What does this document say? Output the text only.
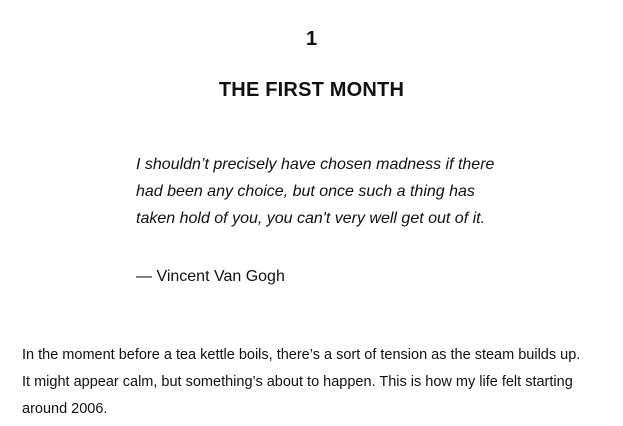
1
THE FIRST MONTH
I shouldn’t precisely have chosen madness if there
had been any choice, but once such a thing has
taken hold of you, you can't very well get out of it.
— Vincent Van Gogh
In the moment before a tea kettle boils, there’s a sort of tension as the steam builds up.
It might appear calm, but something’s about to happen. This is how my life felt starting
around 2006.
